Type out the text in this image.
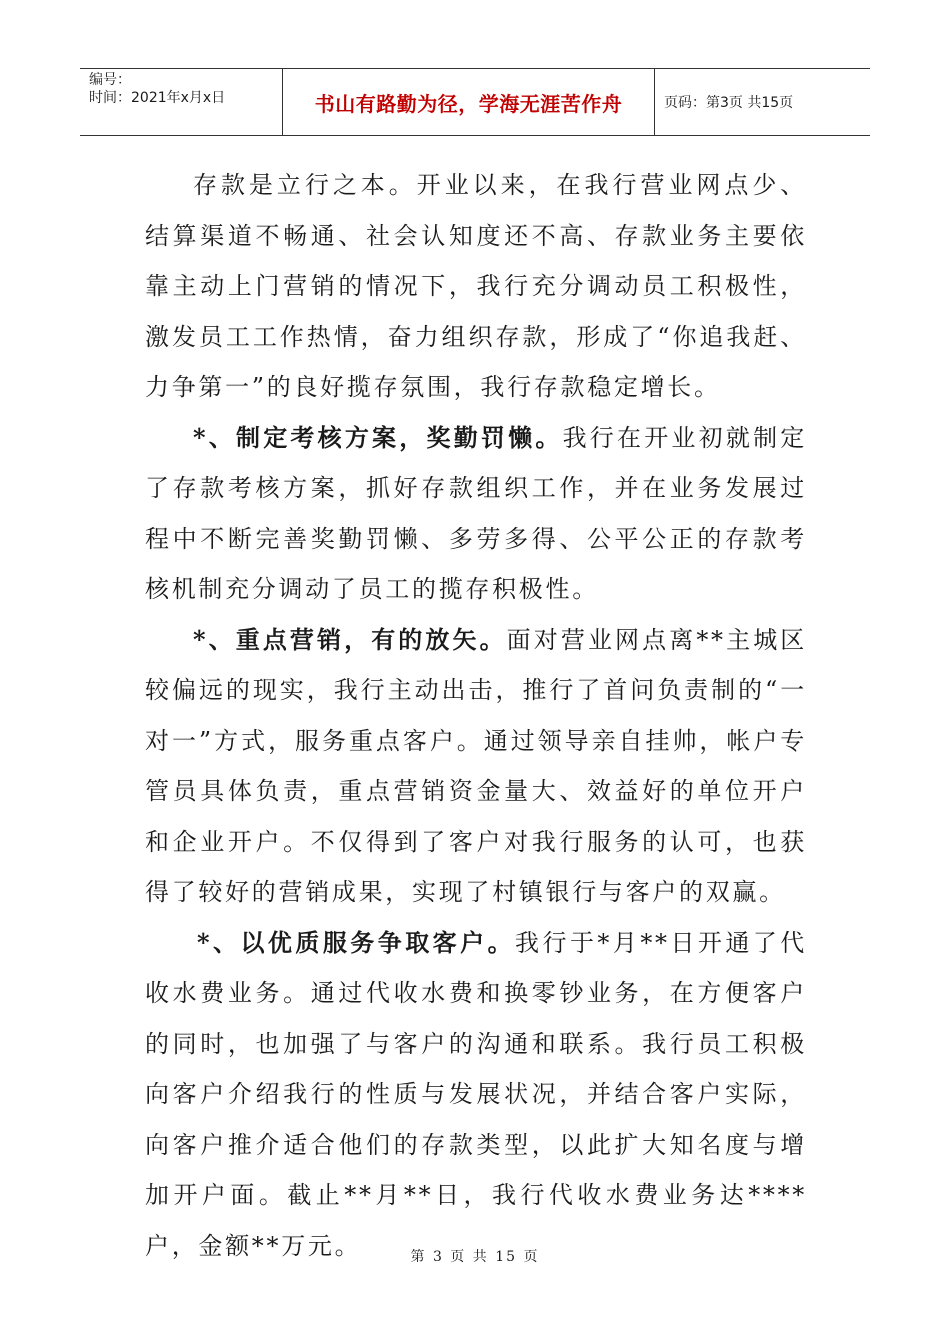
编号：
时间：2021年x月x日	书山有路勤为径，学海无涯苦作舟	页码：第3页 共15页

存款是立行之本。开业以来，在我行营业网点少、结算渠道不畅通、社会认知度还不高、存款业务主要依靠主动上门营销的情况下，我行充分调动员工积极性，激发员工工作热情，奋力组织存款，形成了“你追我赶、力争第一”的良好揽存氛围，我行存款稳定增长。

*、制定考核方案，奖勤罚懒。我行在开业初就制定了存款考核方案，抓好存款组织工作，并在业务发展过程中不断完善奖勤罚懒、多劳多得、公平公正的存款考核机制充分调动了员工的揽存积极性。

*、重点营销，有的放矢。面对营业网点离**主城区较偏远的现实，我行主动出击，推行了首问负责制的“一对一”方式，服务重点客户。通过领导亲自挂帅，帐户专管员具体负责，重点营销资金量大、效益好的单位开户和企业开户。不仅得到了客户对我行服务的认可，也获得了较好的营销成果，实现了村镇银行与客户的双赢。

*、以优质服务争取客户。我行于*月**日开通了代收水费业务。通过代收水费和换零钞业务，在方便客户的同时，也加强了与客户的沟通和联系。我行员工积极向客户介绍我行的性质与发展状况，并结合客户实际，向客户推介适合他们的存款类型，以此扩大知名度与增加开户面。截止**月**日，我行代收水费业务达****户，金额**万元。	第 3 页 共 15 页
